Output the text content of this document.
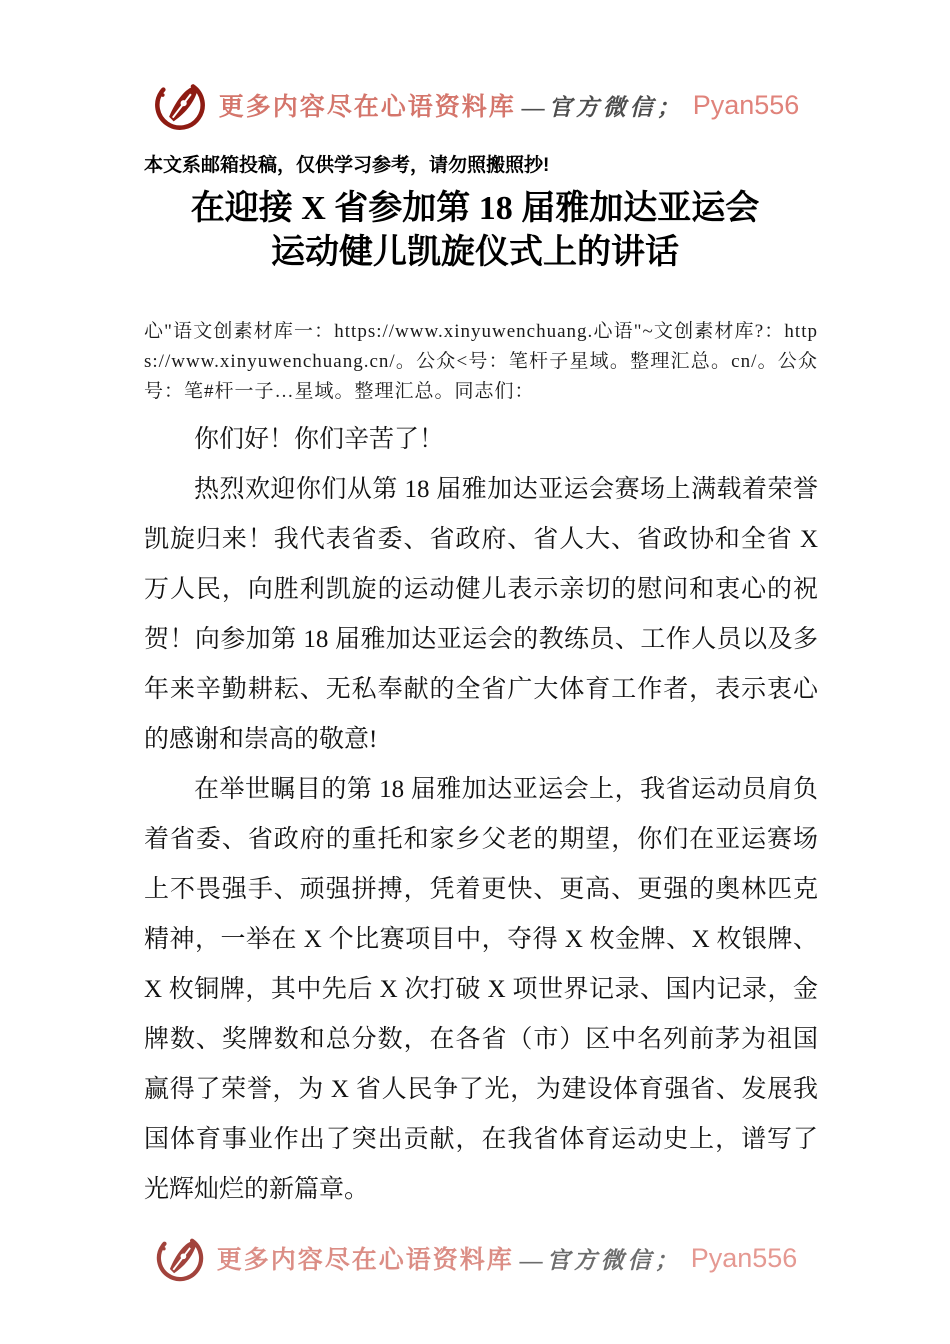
更多内容尽在心语资料库 —官方微信； Pyan556
本文系邮箱投稿，仅供学习参考，请勿照搬照抄!
在迎接 X 省参加第 18 届雅加达亚运会
运动健儿凯旋仪式上的讲话

心"语文创素材库一：https://www.xinyuwenchuang.心语"~文创素材库?：https://www.xinyuwenchuang.cn/。公众<号：笔杆子星域。整理汇总。cn/。公众号：笔#杆一子…星域。整理汇总。同志们：

你们好！你们辛苦了！

热烈欢迎你们从第 18 届雅加达亚运会赛场上满载着荣誉凯旋归来！我代表省委、省政府、省人大、省政协和全省 X 万人民，向胜利凯旋的运动健儿表示亲切的慰问和衷心的祝贺！向参加第 18 届雅加达亚运会的教练员、工作人员以及多年来辛勤耕耘、无私奉献的全省广大体育工作者，表示衷心的感谢和崇高的敬意!

在举世瞩目的第 18 届雅加达亚运会上，我省运动员肩负着省委、省政府的重托和家乡父老的期望，你们在亚运赛场上不畏强手、顽强拼搏，凭着更快、更高、更强的奥林匹克精神，一举在 X 个比赛项目中，夺得 X 枚金牌、X 枚银牌、X 枚铜牌，其中先后 X 次打破 X 项世界记录、国内记录，金牌数、奖牌数和总分数，在各省（市）区中名列前茅为祖国赢得了荣誉，为 X 省人民争了光，为建设体育强省、发展我国体育事业作出了突出贡献，在我省体育运动史上，谱写了光辉灿烂的新篇章。

更多内容尽在心语资料库 —官方微信； Pyan556
